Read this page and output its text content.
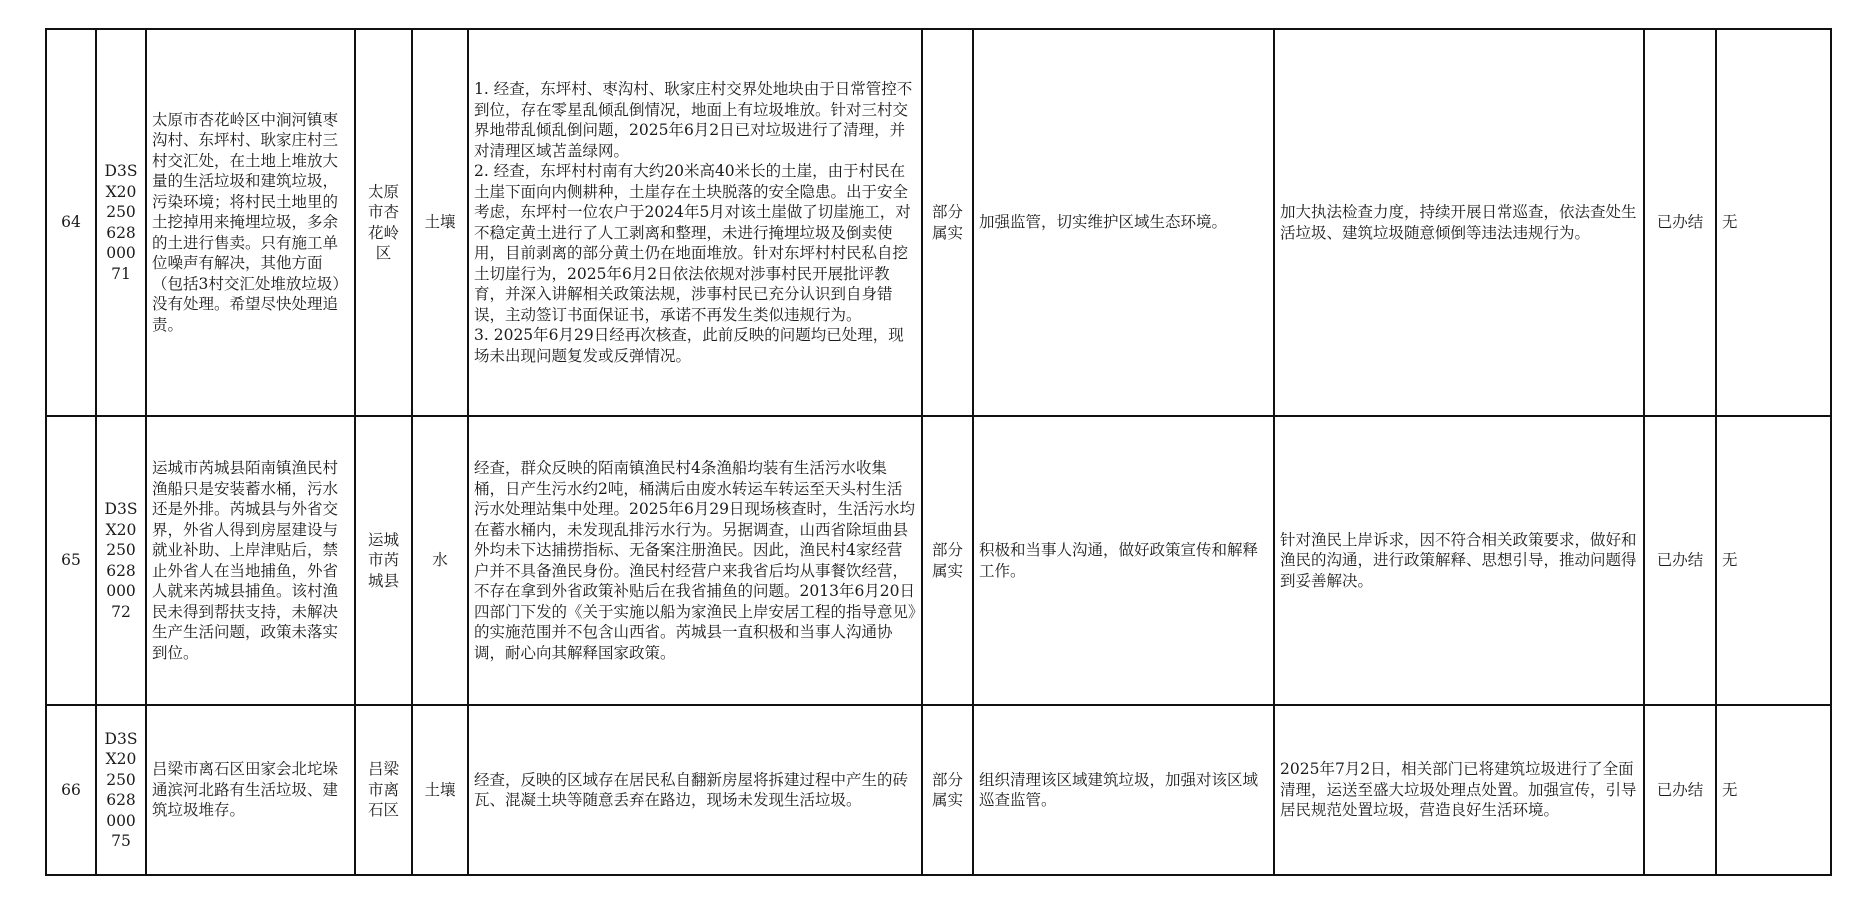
64	D3SX2025062800071	太原市杏花岭区中涧河镇枣沟村、东坪村、耿家庄村三村交汇处，在土地上堆放大量的生活垃圾和建筑垃圾，污染环境；将村民土地里的土挖掉用来掩埋垃圾，多余的土进行售卖。只有施工单位噪声有解决，其他方面（包括3村交汇处堆放垃圾）没有处理。希望尽快处理追责。	太原市杏花岭区	土壤	1. 经查，东坪村、枣沟村、耿家庄村交界处地块由于日常管控不到位，存在零星乱倾乱倒情况，地面上有垃圾堆放。针对三村交界地带乱倾乱倒问题，2025年6月2日已对垃圾进行了清理，并对清理区域苫盖绿网。
2. 经查，东坪村村南有大约20米高40米长的土崖，由于村民在土崖下面向内侧耕种，土崖存在土块脱落的安全隐患。出于安全考虑，东坪村一位农户于2024年5月对该土崖做了切崖施工，对不稳定黄土进行了人工剥离和整理，未进行掩埋垃圾及倒卖使用，目前剥离的部分黄土仍在地面堆放。针对东坪村村民私自挖土切崖行为，2025年6月2日依法依规对涉事村民开展批评教育，并深入讲解相关政策法规，涉事村民已充分认识到自身错误，主动签订书面保证书，承诺不再发生类似违规行为。
3. 2025年6月29日经再次核查，此前反映的问题均已处理，现场未出现问题复发或反弹情况。	部分属实	加强监管，切实维护区域生态环境。	加大执法检查力度，持续开展日常巡查，依法查处生活垃圾、建筑垃圾随意倾倒等违法违规行为。	已办结	无
65	D3SX2025062800072	运城市芮城县陌南镇渔民村渔船只是安装蓄水桶，污水还是外排。芮城县与外省交界，外省人得到房屋建设与就业补助、上岸津贴后，禁止外省人在当地捕鱼，外省人就来芮城县捕鱼。该村渔民未得到帮扶支持，未解决生产生活问题，政策未落实到位。	运城市芮城县	水	经查，群众反映的陌南镇渔民村4条渔船均装有生活污水收集桶，日产生污水约2吨，桶满后由废水转运车转运至天头村生活污水处理站集中处理。2025年6月29日现场核查时，生活污水均在蓄水桶内，未发现乱排污水行为。另据调查，山西省除垣曲县外均未下达捕捞指标、无备案注册渔民。因此，渔民村4家经营户并不具备渔民身份。渔民村经营户来我省后均从事餐饮经营，不存在拿到外省政策补贴后在我省捕鱼的问题。2013年6月20日四部门下发的《关于实施以船为家渔民上岸安居工程的指导意见》的实施范围并不包含山西省。芮城县一直积极和当事人沟通协调，耐心向其解释国家政策。	部分属实	积极和当事人沟通，做好政策宣传和解释工作。	针对渔民上岸诉求，因不符合相关政策要求，做好和渔民的沟通，进行政策解释、思想引导，推动问题得到妥善解决。	已办结	无
66	D3SX2025062800075	吕梁市离石区田家会北坨垛通滨河北路有生活垃圾、建筑垃圾堆存。	吕梁市离石区	土壤	经查，反映的区域存在居民私自翻新房屋将拆建过程中产生的砖瓦、混凝土块等随意丢弃在路边，现场未发现生活垃圾。	部分属实	组织清理该区域建筑垃圾，加强对该区域巡查监管。	2025年7月2日，相关部门已将建筑垃圾进行了全面清理，运送至盛大垃圾处理点处置。加强宣传，引导居民规范处置垃圾，营造良好生活环境。	已办结	无
